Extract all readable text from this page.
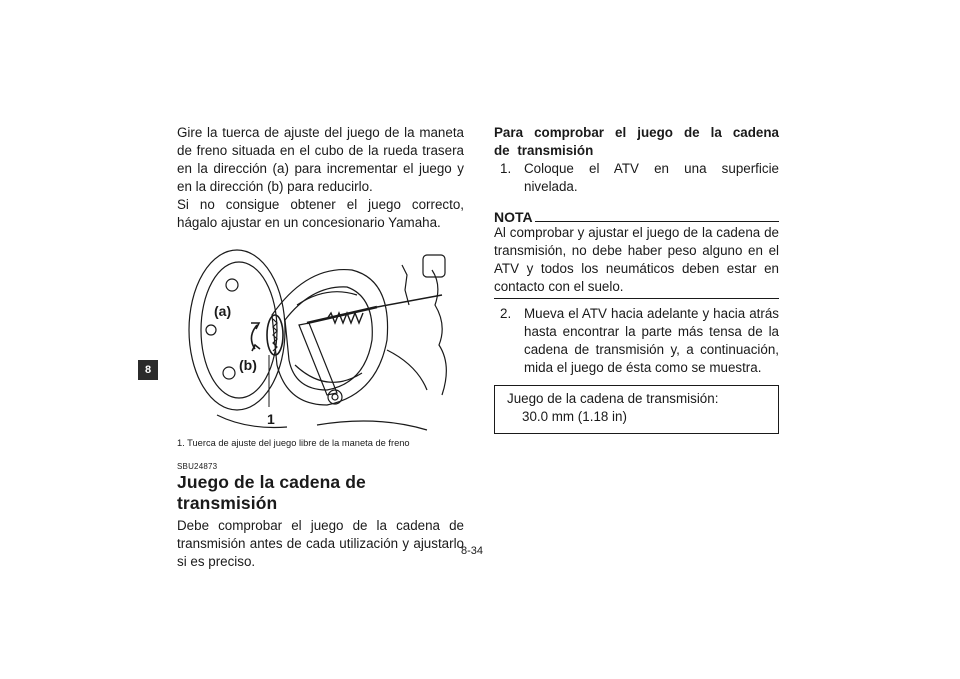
8

Gire la tuerca de ajuste del juego de la maneta de freno situada en el cubo de la rueda trasera en la dirección (a) para incrementar el juego y en la dirección (b) para reducirlo.

Si no consigue obtener el juego correcto, hágalo ajustar en un concesionario Yamaha.

(a)
(b)
1
1. Tuerca de ajuste del juego libre de la maneta de freno
SBU24873
Juego de la cadena de transmisión

Debe comprobar el juego de la cadena de transmisión antes de cada utilización y ajustarlo si es preciso.

Para comprobar el juego de la cadena de transmisión

1. Coloque el ATV en una superficie nivelada.
NOTA

Al comprobar y ajustar el juego de la cadena de transmisión, no debe haber peso alguno en el ATV y todos los neumáticos deben estar en contacto con el suelo.

2. Mueva el ATV hacia adelante y hacia atrás hasta encontrar la parte más tensa de la cadena de transmisión y, a continuación, mida el juego de ésta como se muestra.
Juego de la cadena de transmisión:
30.0 mm (1.18 in)
8-34
